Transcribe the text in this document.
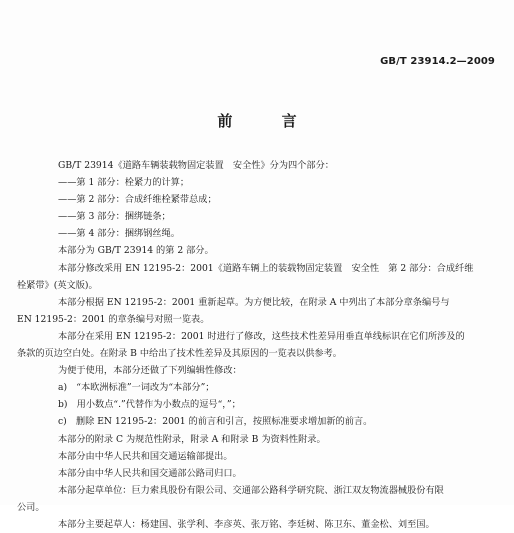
GB/T 23914.2—2009
前 言

GB/T 23914《道路车辆装载物固定装置　安全性》分为四个部分：

——第 1 部分：栓紧力的计算；

——第 2 部分：合成纤维栓紧带总成；

——第 3 部分：捆绑链条；

——第 4 部分：捆绑钢丝绳。

本部分为 GB/T 23914 的第 2 部分。

本部分修改采用 EN 12195-2：2001《道路车辆上的装载物固定装置　安全性　第 2 部分：合成纤维

栓紧带》(英文版)。

本部分根据 EN 12195-2：2001 重新起草。为方便比较，在附录 A 中列出了本部分章条编号与

EN 12195-2：2001 的章条编号对照一览表。

本部分在采用 EN 12195-2：2001 时进行了修改，这些技术性差异用垂直单线标识在它们所涉及的

条款的页边空白处。在附录 B 中给出了技术性差异及其原因的一览表以供参考。

为便于使用，本部分还做了下列编辑性修改：

a)　“本欧洲标准”一词改为“本部分”；

b)　用小数点“.”代替作为小数点的逗号“，”；

c)　删除 EN 12195-2：2001 的前言和引言，按照标准要求增加新的前言。

本部分的附录 C 为规范性附录，附录 A 和附录 B 为资料性附录。

本部分由中华人民共和国交通运输部提出。

本部分由中华人民共和国交通部公路司归口。

本部分起草单位：巨力索具股份有限公司、交通部公路科学研究院、浙江双友物流器械股份有限

公司。

本部分主要起草人：杨建国、张学利、李彦英、张万铭、李廷树、陈卫东、董金松、刘至国。
